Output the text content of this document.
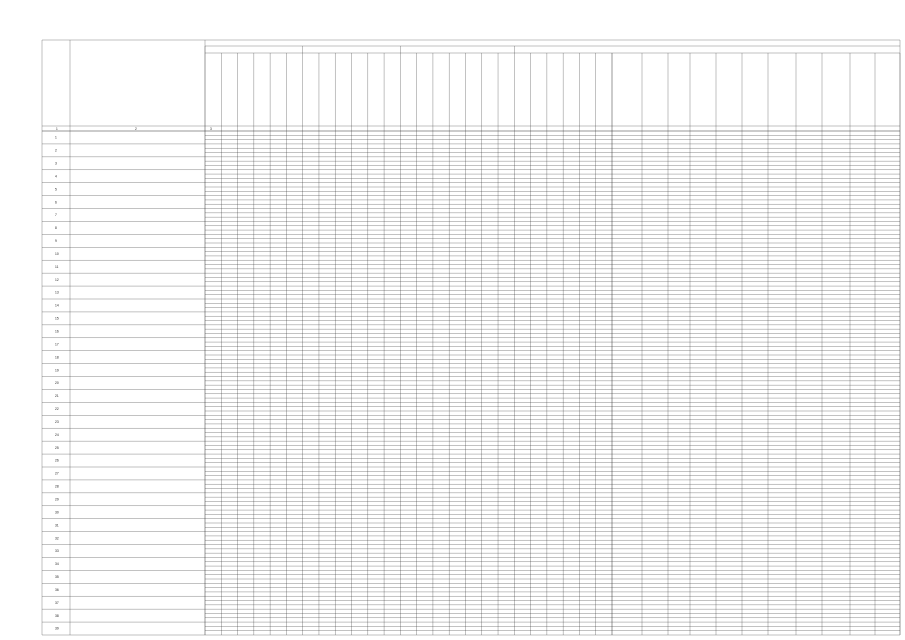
1	2	3
1
2
3
4
5
6
7
8
9
10
11
12
13
14
15
16
17
18
19
20
21
22
23
24
25
26
27
28
29
30
31
32
33
34
35
36
37
38
39
